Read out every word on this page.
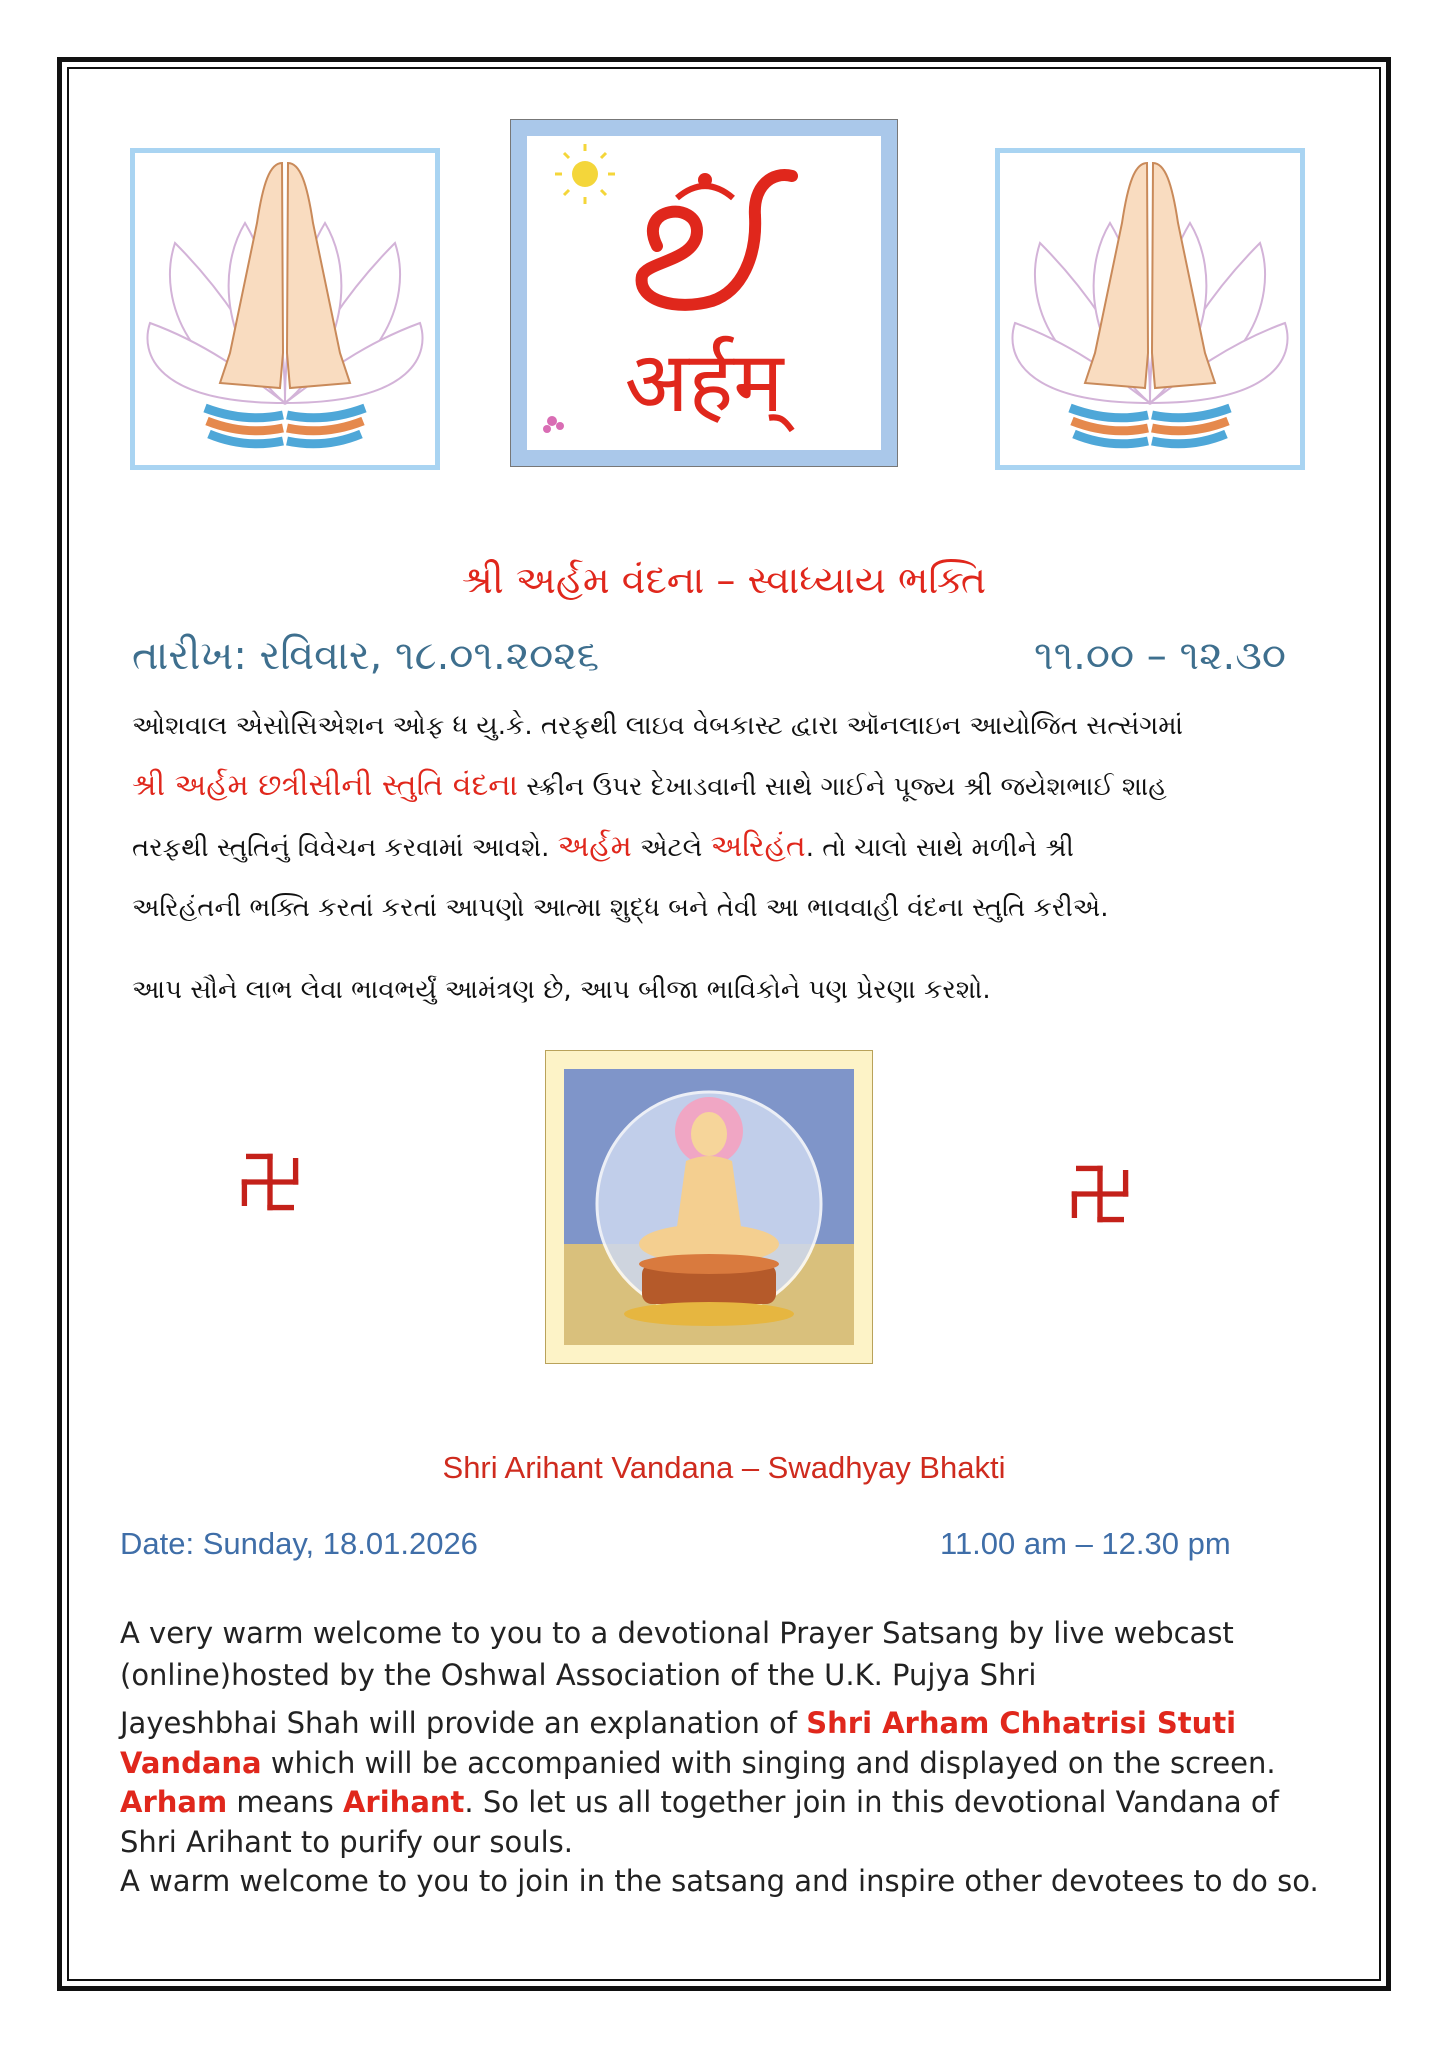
अर्हम्
શ્રી અર્હમ વંદના – સ્વાધ્યાય ભક્તિ
તારીખ: રવિવાર, ૧૮.૦૧.૨૦૨૬	૧૧.૦૦ – ૧૨.૩૦
ઓશવાલ એસોસિએશન ઓફ ધ યુ.કે. તરફથી લાઇવ વેબકાસ્ટ દ્વારા ઑનલાઇન આયોજિત સત્સંગમાં
શ્રી અર્હમ છત્રીસીની સ્તુતિ વંદના સ્ક્રીન ઉપર દેખાડવાની સાથે ગાઈને પૂજ્ય શ્રી જયેશભાઈ શાહ
તરફથી સ્તુતિનું વિવેચન કરવામાં આવશે. અર્હમ એટલે અરિહંત. તો ચાલો સાથે મળીને શ્રી
અરિહંતની ભક્તિ કરતાં કરતાં આપણો આત્મા શુદ્ધ બને તેવી આ ભાવવાહી વંદના સ્તુતિ કરીએ.
આપ સૌને લાભ લેવા ભાવભર્યું આમંત્રણ છે, આપ બીજા ભાવિકોને પણ પ્રેરણા કરશો.
Shri Arihant Vandana – Swadhyay Bhakti
Date: Sunday, 18.01.2026	11.00 am – 12.30 pm
A very warm welcome to you to a devotional Prayer Satsang by live webcast (online)hosted by the Oshwal Association of the U.K. Pujya Shri
Jayeshbhai Shah will provide an explanation of Shri Arham Chhatrisi Stuti Vandana which will be accompanied with singing and displayed on the screen. Arham means Arihant. So let us all together join in this devotional Vandana of Shri Arihant to purify our souls.
A warm welcome to you to join in the satsang and inspire other devotees to do so.
